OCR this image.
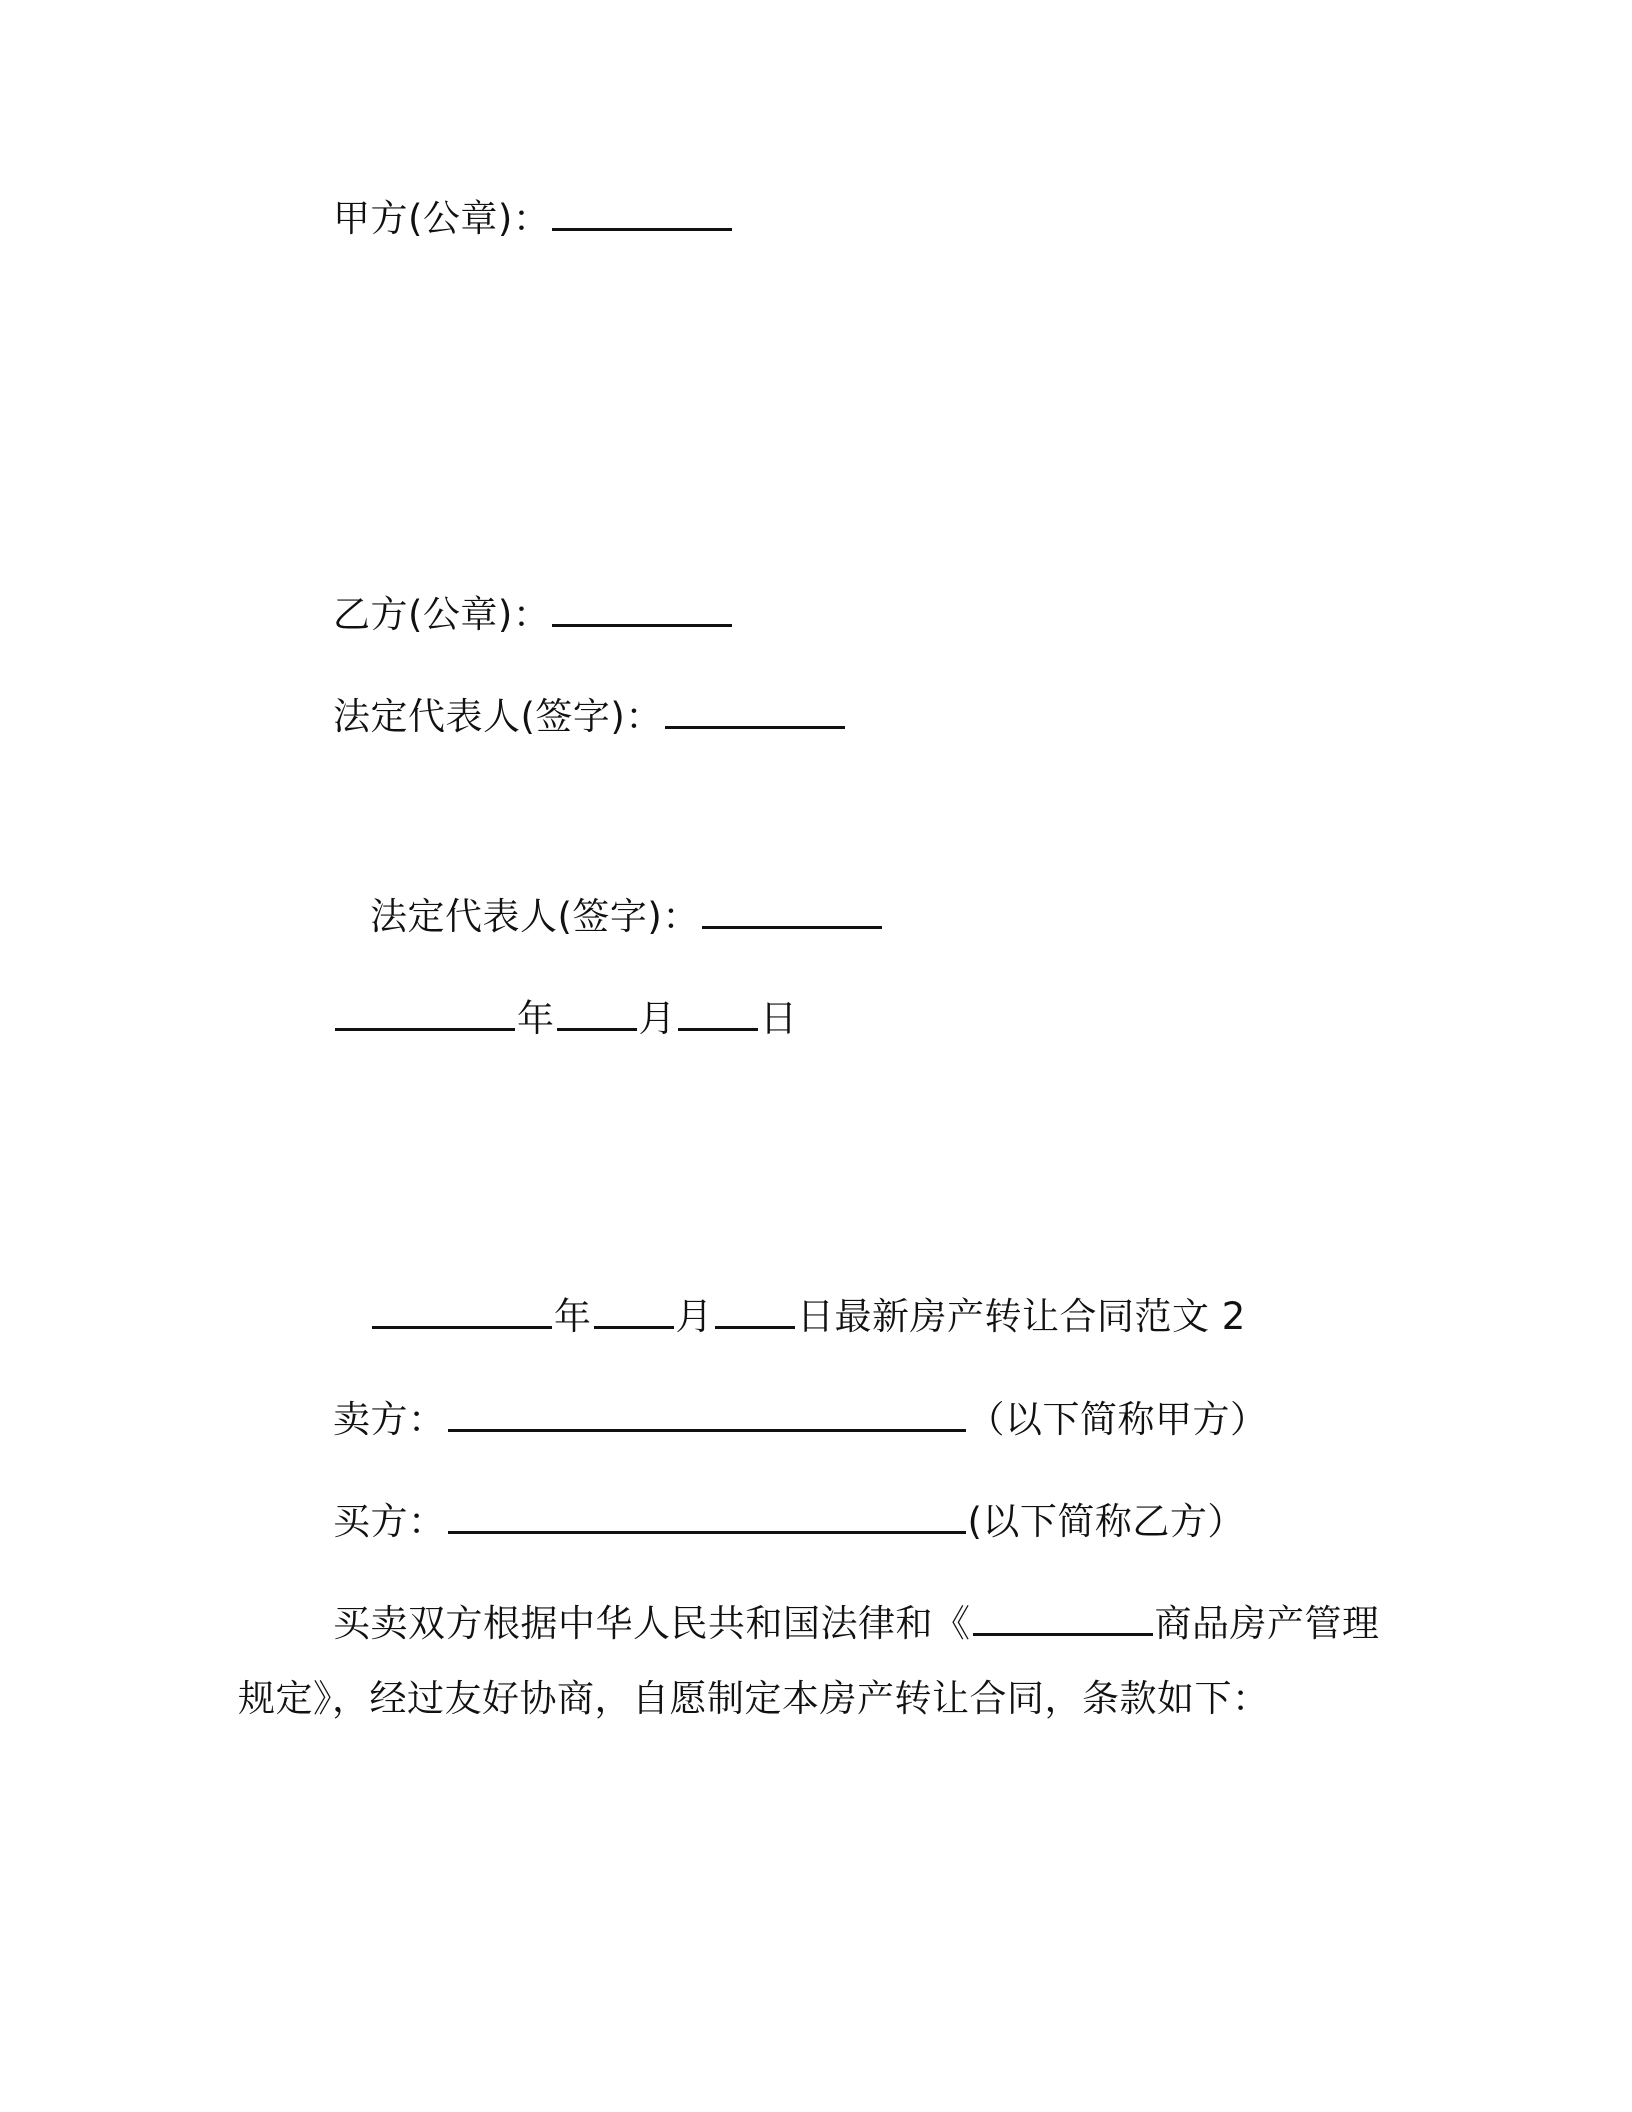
甲方(公章)：
乙方(公章)：
法定代表人(签字)：
法定代表人(签字)：
年 月 日
年 月 日最新房产转让合同范文 2
卖方：	（以下简称甲方）
买方：	(以下简称乙方）
买卖双方根据中华人民共和国法律和《	商品房产管理
规定》，经过友好协商，自愿制定本房产转让合同，条款如下：
